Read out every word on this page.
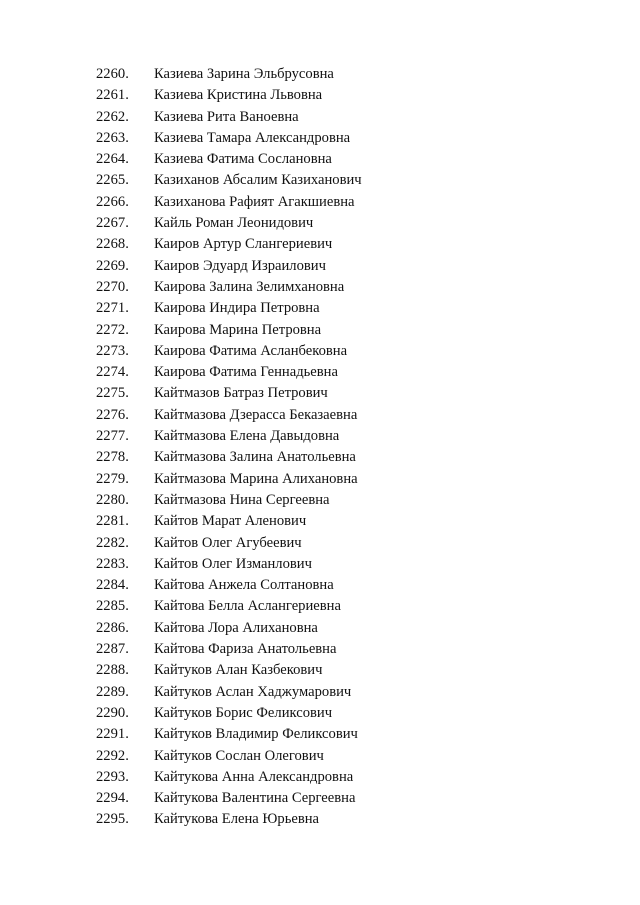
2260.	Казиева Зарина Эльбрусовна
2261.	Казиева Кристина Львовна
2262.	Казиева Рита Ваноевна
2263.	Казиева Тамара Александровна
2264.	Казиева Фатима Сослановна
2265.	Казиханов Абсалим Казиханович
2266.	Казиханова Рафият Агакшиевна
2267.	Кайль Роман Леонидович
2268.	Каиров Артур Слангериевич
2269.	Каиров Эдуард Израилович
2270.	Каирова Залина Зелимхановна
2271.	Каирова Индира Петровна
2272.	Каирова Марина Петровна
2273.	Каирова Фатима Асланбековна
2274.	Каирова Фатима Геннадьевна
2275.	Кайтмазов Батраз Петрович
2276.	Кайтмазова Дзерасса Беказаевна
2277.	Кайтмазова Елена Давыдовна
2278.	Кайтмазова Залина Анатольевна
2279.	Кайтмазова Марина Алихановна
2280.	Кайтмазова Нина Сергеевна
2281.	Кайтов Марат Аленович
2282.	Кайтов Олег Агубеевич
2283.	Кайтов Олег Изманлович
2284.	Кайтова Анжела Солтановна
2285.	Кайтова Белла Аслангериевна
2286.	Кайтова Лора Алихановна
2287.	Кайтова Фариза Анатольевна
2288.	Кайтуков Алан Казбекович
2289.	Кайтуков Аслан Хаджумарович
2290.	Кайтуков Борис Феликсович
2291.	Кайтуков Владимир Феликсович
2292.	Кайтуков Сослан Олегович
2293.	Кайтукова Анна Александровна
2294.	Кайтукова Валентина Сергеевна
2295.	Кайтукова Елена Юрьевна
